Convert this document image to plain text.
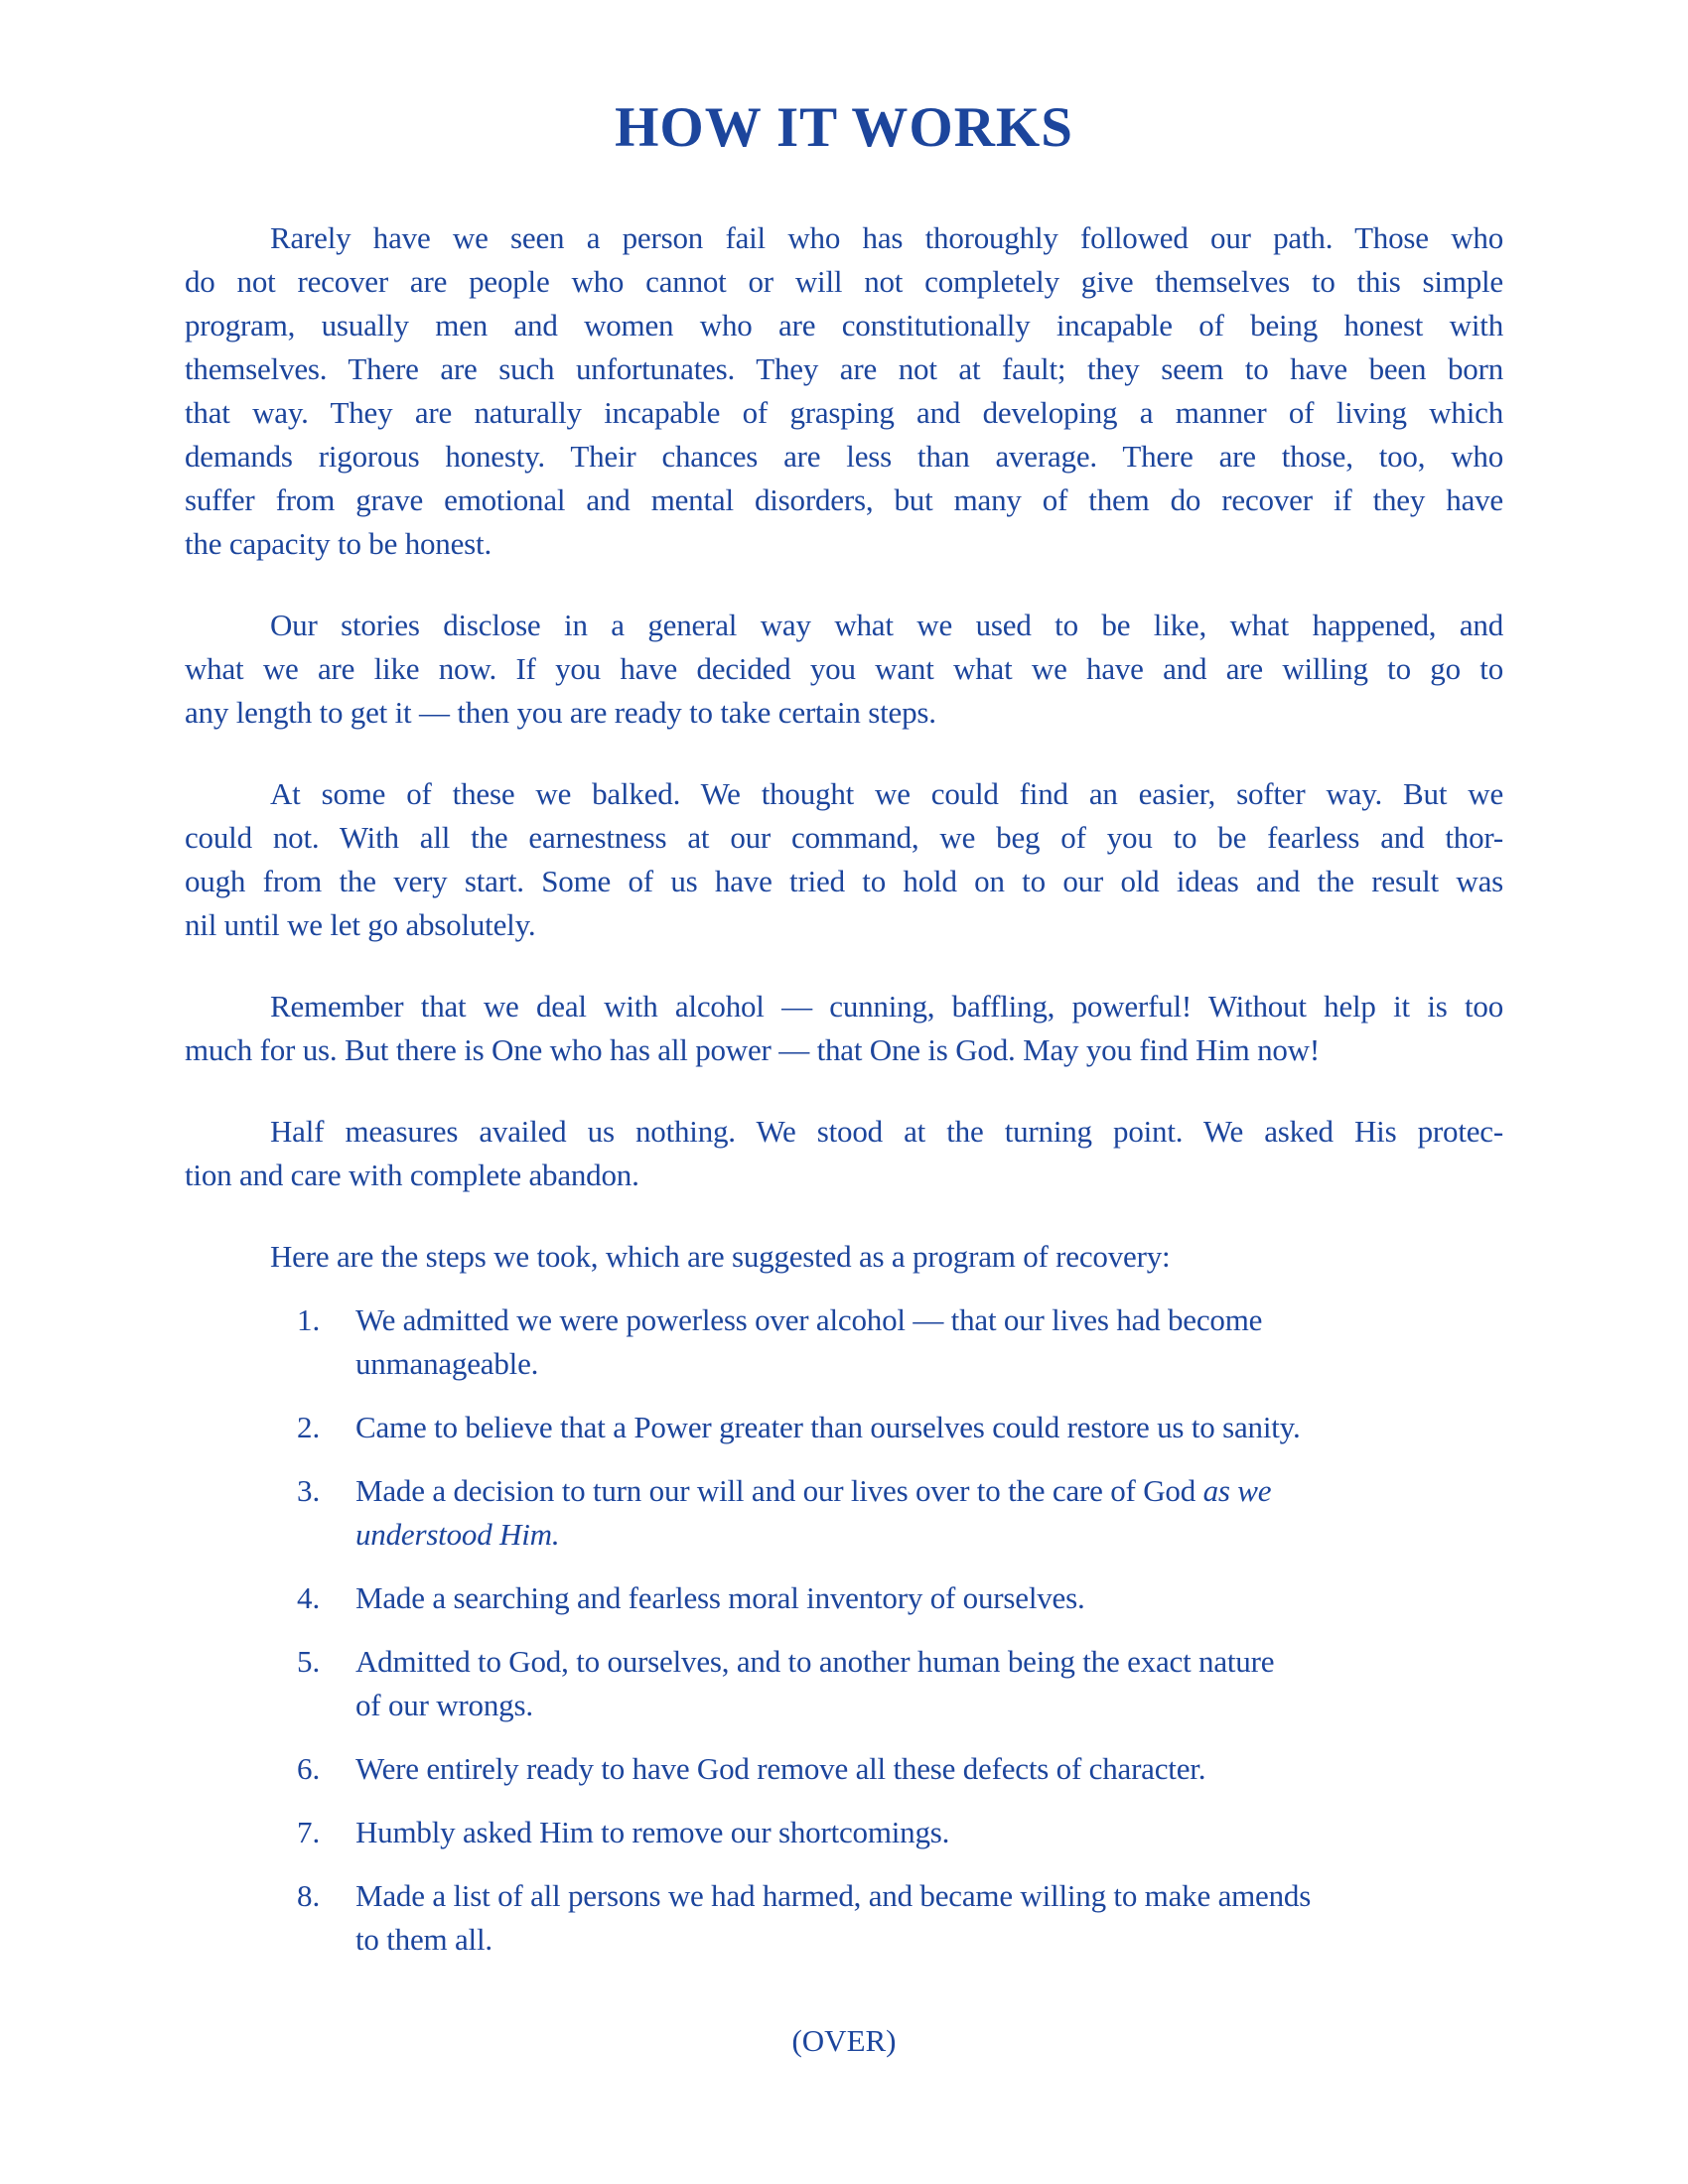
HOW IT WORKS
Rarely have we seen a person fail who has thoroughly followed our path. Those who
do not recover are people who cannot or will not completely give themselves to this simple
program, usually men and women who are constitutionally incapable of being honest with
themselves. There are such unfortunates. They are not at fault; they seem to have been born
that way. They are naturally incapable of grasping and developing a manner of living which
demands rigorous honesty. Their chances are less than average. There are those, too, who
suffer from grave emotional and mental disorders, but many of them do recover if they have
the capacity to be honest.
Our stories disclose in a general way what we used to be like, what happened, and
what we are like now. If you have decided you want what we have and are willing to go to
any length to get it — then you are ready to take certain steps.
At some of these we balked. We thought we could find an easier, softer way. But we
could not. With all the earnestness at our command, we beg of you to be fearless and thor-
ough from the very start. Some of us have tried to hold on to our old ideas and the result was
nil until we let go absolutely.
Remember that we deal with alcohol — cunning, baffling, powerful! Without help it is too
much for us. But there is One who has all power — that One is God. May you find Him now!
Half measures availed us nothing. We stood at the turning point. We asked His protec-
tion and care with complete abandon.
Here are the steps we took, which are suggested as a program of recovery:
1. We admitted we were powerless over alcohol — that our lives had become
unmanageable.
2. Came to believe that a Power greater than ourselves could restore us to sanity.
3. Made a decision to turn our will and our lives over to the care of God as we
understood Him.
4. Made a searching and fearless moral inventory of ourselves.
5. Admitted to God, to ourselves, and to another human being the exact nature
of our wrongs.
6. Were entirely ready to have God remove all these defects of character.
7. Humbly asked Him to remove our shortcomings.
8. Made a list of all persons we had harmed, and became willing to make amends
to them all.
(OVER)
